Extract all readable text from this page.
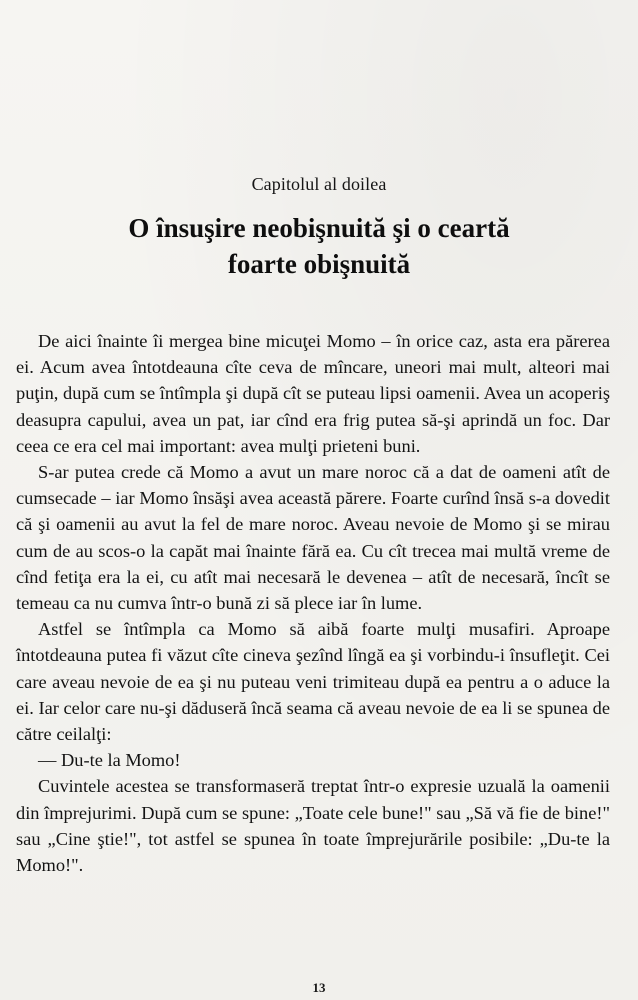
Capitolul al doilea
O însuşire neobişnuită şi o ceartă foarte obişnuită

De aici înainte îi mergea bine micuţei Momo – în orice caz, asta era părerea ei. Acum avea întotdeauna cîte ceva de mîncare, uneori mai mult, alteori mai puţin, după cum se întîmpla şi după cît se puteau lipsi oamenii. Avea un acoperiş deasupra capului, avea un pat, iar cînd era frig putea să-şi aprindă un foc. Dar ceea ce era cel mai important: avea mulţi prieteni buni.

S-ar putea crede că Momo a avut un mare noroc că a dat de oameni atît de cumsecade – iar Momo însăşi avea această părere. Foarte curînd însă s-a dovedit că şi oamenii au avut la fel de mare noroc. Aveau nevoie de Momo şi se mirau cum de au scos-o la capăt mai înainte fără ea. Cu cît trecea mai multă vreme de cînd fetiţa era la ei, cu atît mai necesară le devenea – atît de necesară, încît se temeau ca nu cumva într-o bună zi să plece iar în lume.

Astfel se întîmpla ca Momo să aibă foarte mulţi musafiri. Aproape întotdeauna putea fi văzut cîte cineva şezînd lîngă ea şi vorbindu-i însufleţit. Cei care aveau nevoie de ea şi nu puteau veni trimiteau după ea pentru a o aduce la ei. Iar celor care nu-şi dăduseră încă seama că aveau nevoie de ea li se spunea de către ceilalţi:

— Du-te la Momo!

Cuvintele acestea se transformaseră treptat într-o expresie uzuală la oamenii din împrejurimi. După cum se spune: „Toate cele bune!" sau „Să vă fie de bine!" sau „Cine ştie!", tot astfel se spunea în toate împrejurările posibile: „Du-te la Momo!".

13
